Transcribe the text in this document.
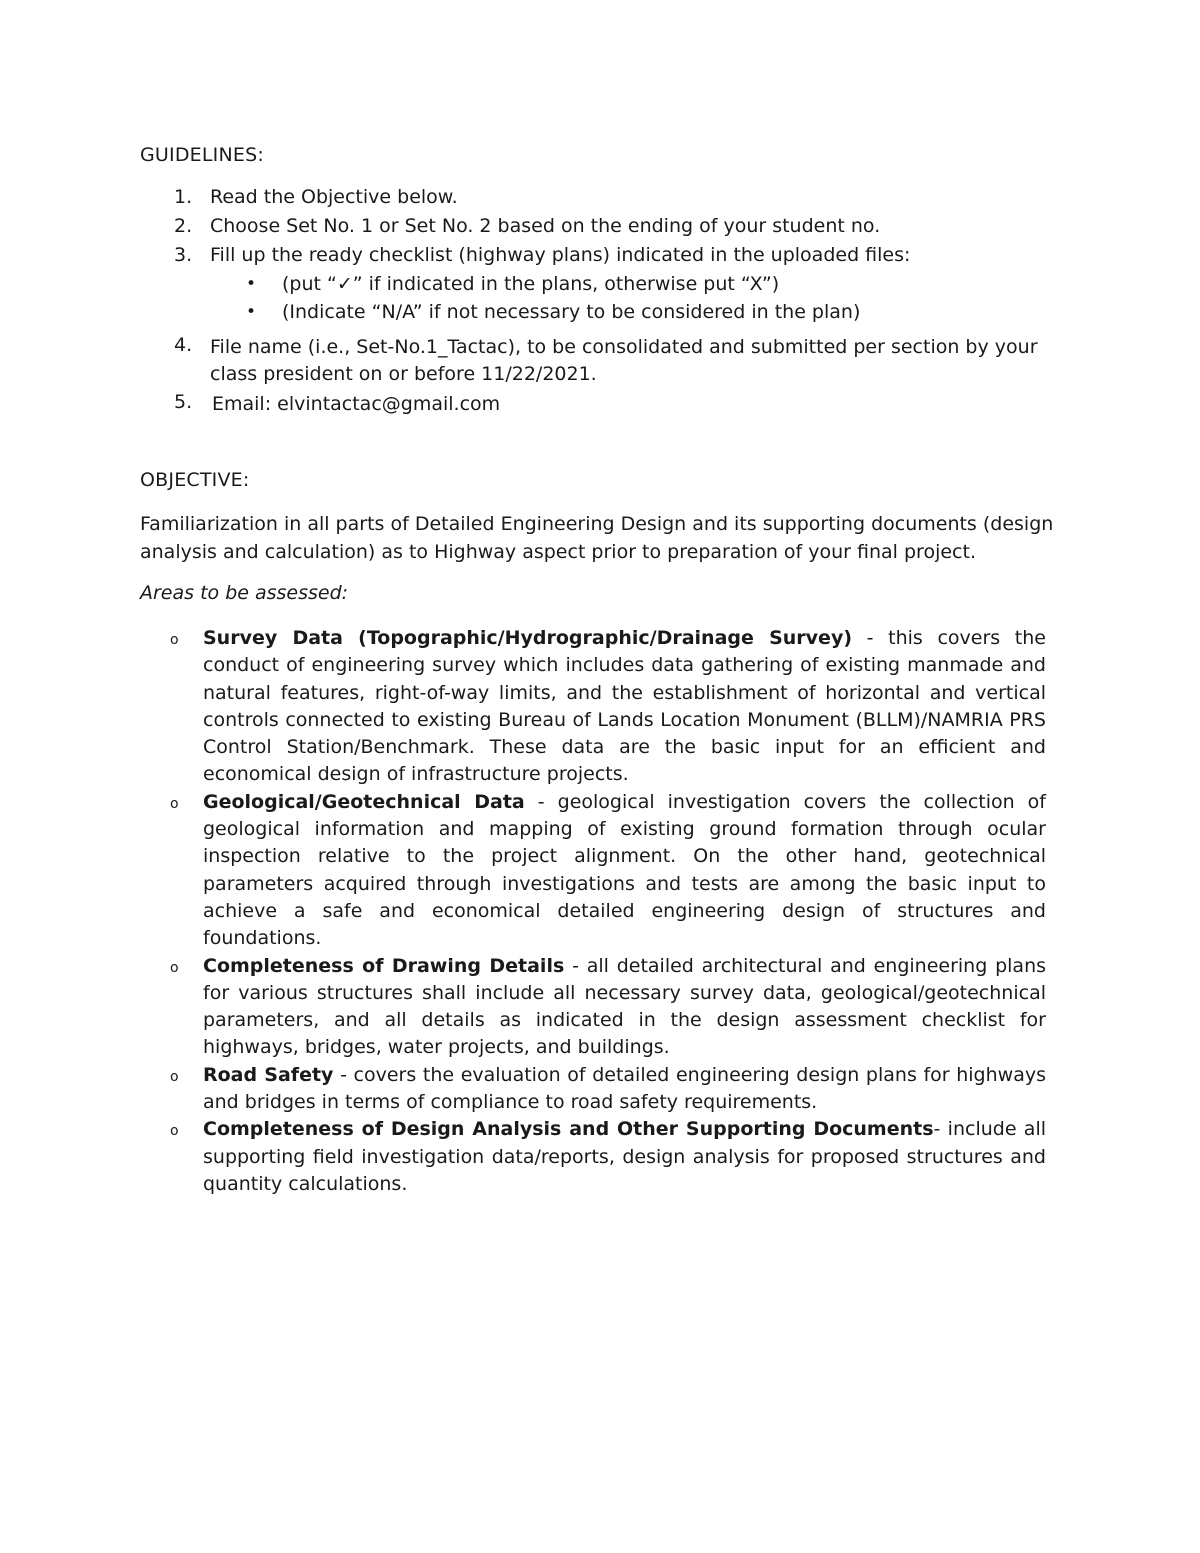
GUIDELINES:
1. Read the Objective below.
2. Choose Set No. 1 or Set No. 2 based on the ending of your student no.
3. Fill up the ready checklist (highway plans) indicated in the uploaded files:
• (put “✓” if indicated in the plans, otherwise put “X”)
• (Indicate “N/A” if not necessary to be considered in the plan)
4. File name (i.e., Set-No.1_Tactac), to be consolidated and submitted per section by your class president on or before 11/22/2021.
5. Email: elvintactac@gmail.com
OBJECTIVE:

Familiarization in all parts of Detailed Engineering Design and its supporting documents (design analysis and calculation) as to Highway aspect prior to preparation of your final project.

Areas to be assessed:

o Survey Data (Topographic/Hydrographic/Drainage Survey) - this covers the conduct of engineering survey which includes data gathering of existing manmade and natural features, right-of-way limits, and the establishment of horizontal and vertical controls connected to existing Bureau of Lands Location Monument (BLLM)/NAMRIA PRS Control Station/Benchmark. These data are the basic input for an efficient and economical design of infrastructure projects.
o Geological/Geotechnical Data - geological investigation covers the collection of geological information and mapping of existing ground formation through ocular inspection relative to the project alignment. On the other hand, geotechnical parameters acquired through investigations and tests are among the basic input to achieve a safe and economical detailed engineering design of structures and foundations.
o Completeness of Drawing Details - all detailed architectural and engineering plans for various structures shall include all necessary survey data, geological/geotechnical parameters, and all details as indicated in the design assessment checklist for highways, bridges, water projects, and buildings.
o Road Safety - covers the evaluation of detailed engineering design plans for highways and bridges in terms of compliance to road safety requirements.
o Completeness of Design Analysis and Other Supporting Documents- include all supporting field investigation data/reports, design analysis for proposed structures and quantity calculations.
